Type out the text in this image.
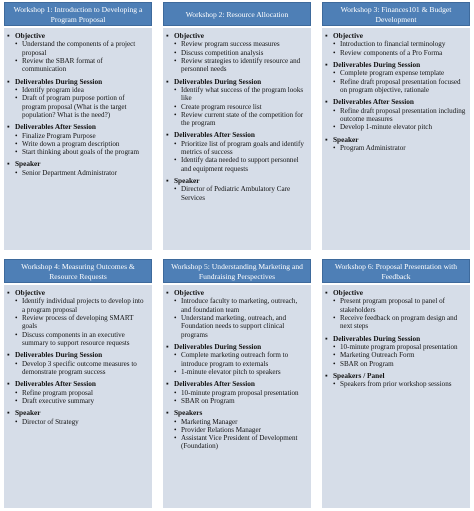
Workshop 1: Introduction to Developing a Program Proposal
▪ Objective
• Understand the components of a project proposal
• Review the SBAR format of communication
▪ Deliverables During Session
• Identify program idea
• Draft of program purpose portion of program proposal (What is the target population? What is the need?)
▪ Deliverables After Session
• Finalize Program Purpose
• Write down a program description
• Start thinking about goals of the program
▪ Speaker
• Senior Department Administrator
Workshop 2: Resource Allocation
▪ Objective
• Review program success measures
• Discuss competition analysis
• Review strategies to identify resource and personnel needs
▪ Deliverables During Session
• Identify what success of the program looks like
• Create program resource list
• Review current state of the competition for the program
▪ Deliverables After Session
• Prioritize list of program goals and identify metrics of success
• Identify data needed to support personnel and equipment requests
▪ Speaker
• Director of Pediatric Ambulatory Care Services
Workshop 3: Finances101 & Budget Development
▪ Objective
• Introduction to financial terminology
• Review components of a Pro Forma
▪ Deliverables During Session
• Complete program expense template
• Refine draft proposal presentation focused on program objective, rationale
▪ Deliverables After Session
• Refine draft proposal presentation including outcome measures
• Develop 1-minute elevator pitch
▪ Speaker
• Program Administrator
Workshop 4: Measuring Outcomes & Resource Requests
▪ Objective
• Identify individual projects to develop into a program proposal
• Review process of developing SMART goals
• Discuss components in an executive summary to support resource requests
▪ Deliverables During Session
• Develop 3 specific outcome measures to demonstrate program success
▪ Deliverables After Session
• Refine program proposal
• Draft executive summary
▪ Speaker
• Director of Strategy
Workshop 5: Understanding Marketing and Fundraising Perspectives
▪ Objective
• Introduce faculty to marketing, outreach, and foundation team
• Understand marketing, outreach, and Foundation needs to support clinical programs
▪ Deliverables During Session
• Complete marketing outreach form to introduce program to externals
• 1-minute elevator pitch to speakers
▪ Deliverables After Session
• 10-minute program proposal presentation
• SBAR on Program
▪ Speakers
• Marketing Manager
• Provider Relations Manager
• Assistant Vice President of Development (Foundation)
Workshop 6: Proposal Presentation with Feedback
▪ Objective
• Present program proposal to panel of stakeholders
• Receive feedback on program design and next steps
▪ Deliverables During Session
• 10-minute program proposal presentation
• Marketing Outreach Form
• SBAR on Program
▪ Speakers / Panel
• Speakers from prior workshop sessions
